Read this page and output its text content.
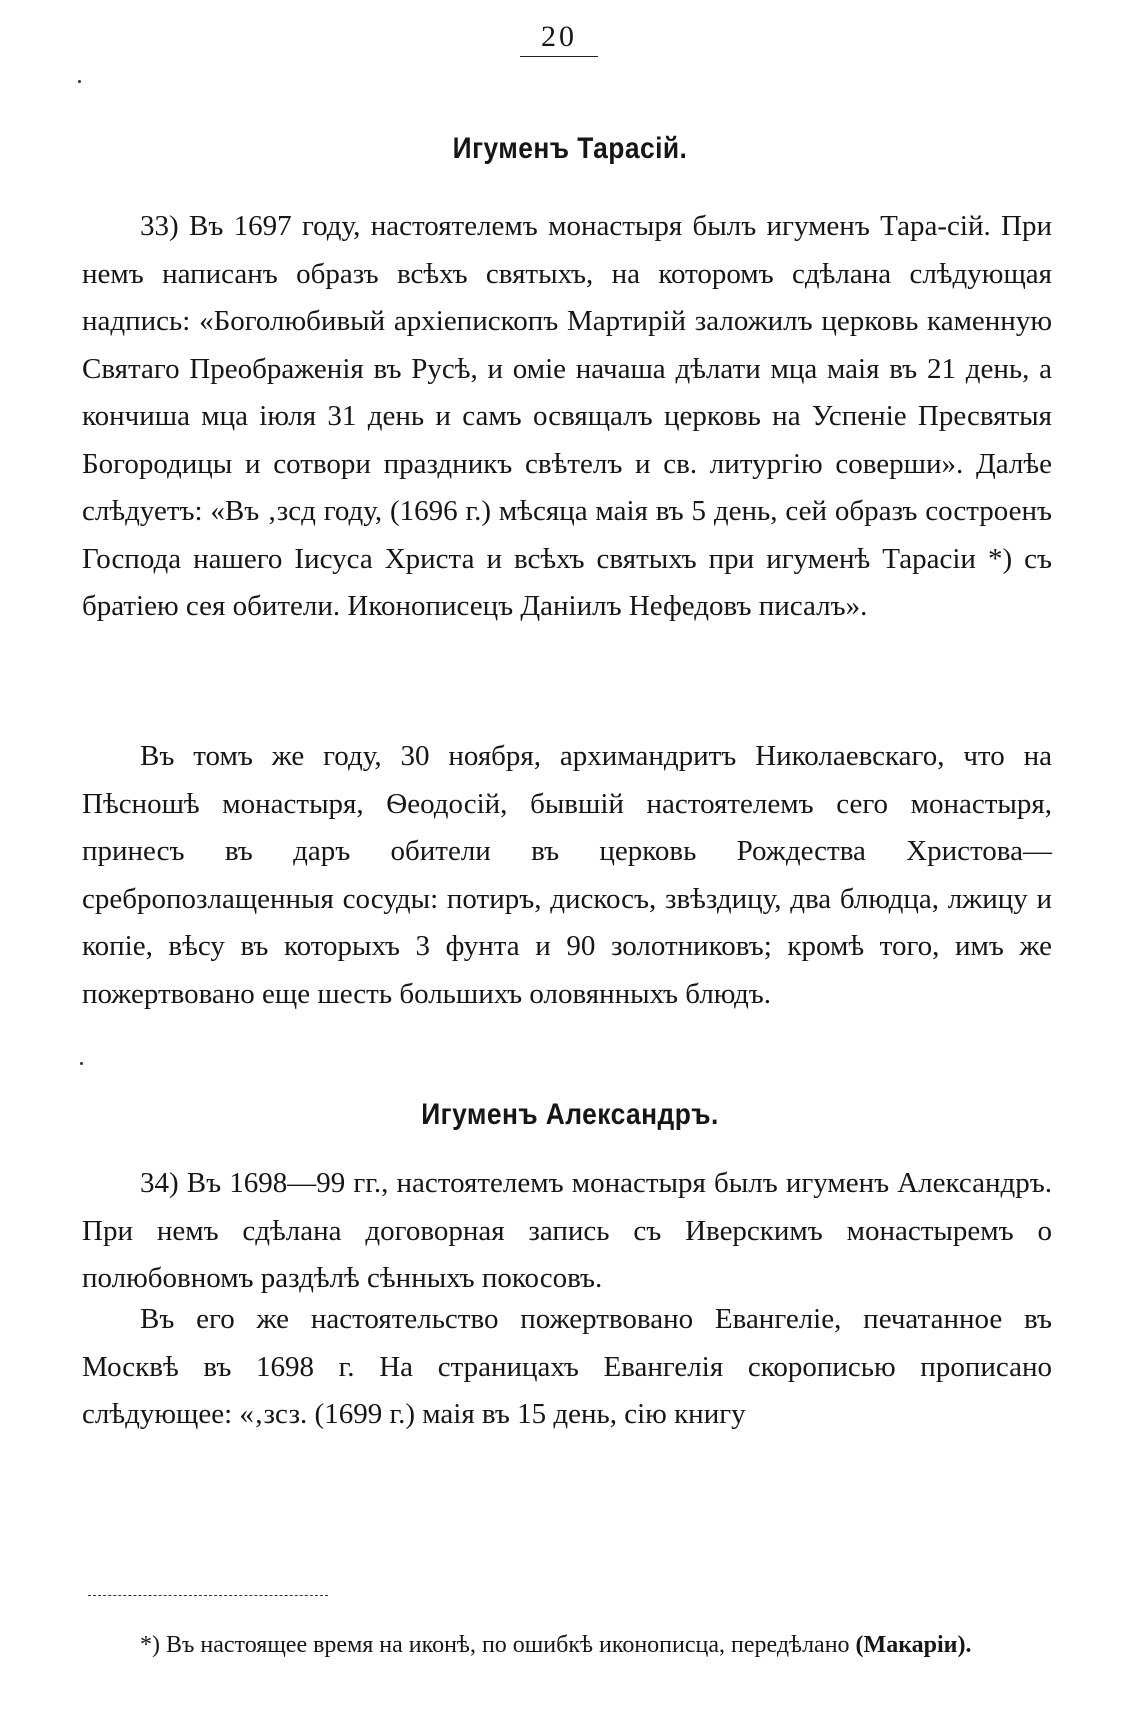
20
Игуменъ Тарасій.

33) Въ 1697 году, настоятелемъ монастыря былъ игуменъ Тара-сій. При немъ написанъ образъ всѣхъ святыхъ, на которомъ сдѣлана слѣдующая надпись: «Боголюбивый архіепископъ Мартирій заложилъ церковь каменную Святаго Преображенія въ Русѣ, и оміе начаша дѣлати мца маія въ 21 день, а кончиша мца іюля 31 день и самъ освящалъ церковь на Успеніе Пресвятыя Богородицы и сотвори праздникъ свѣтелъ и св. литургію соверши». Далѣе слѣдуетъ: «Въ ‚зсд году, (1696 г.) мѣсяца маія въ 5 день, сей образъ состроенъ Господа нашего Іисуса Христа и всѣхъ святыхъ при игуменѣ Тарасіи *) съ братіею сея обители. Иконописецъ Даніилъ Нефедовъ писалъ».

Въ томъ же году, 30 ноября, архимандритъ Николаевскаго, что на Пѣсношѣ монастыря, Ѳеодосій, бывшій настоятелемъ сего монастыря, принесъ въ даръ обители въ церковь Рождества Христова—сребропозлащенныя сосуды: потиръ, дискосъ, звѣздицу, два блюдца, лжицу и копіе, вѣсу въ которыхъ 3 фунта и 90 золотниковъ; кромѣ того, имъ же пожертвовано еще шесть большихъ оловянныхъ блюдъ.

Игуменъ Александръ.

34) Въ 1698—99 гг., настоятелемъ монастыря былъ игуменъ Александръ. При немъ сдѣлана договорная запись съ Иверскимъ монастыремъ о полюбовномъ раздѣлѣ сѣнныхъ покосовъ.

Въ его же настоятельство пожертвовано Евангеліе, печатанное въ Москвѣ въ 1698 г. На страницахъ Евангелія скорописью прописано слѣдующее: «‚зсз. (1699 г.) маія въ 15 день, сію книгу

*) Въ настоящее время на иконѣ, по ошибкѣ иконописца, передѣлано (Макаріи).
